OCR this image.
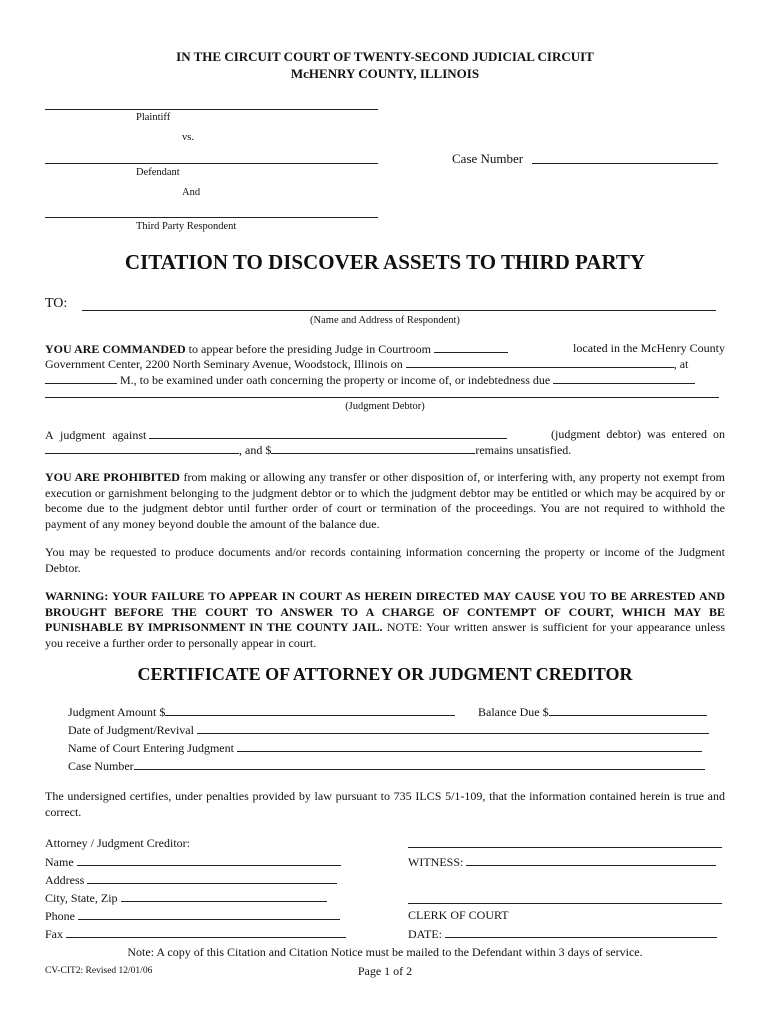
IN THE CIRCUIT COURT OF TWENTY-SECOND JUDICIAL CIRCUIT
McHENRY COUNTY, ILLINOIS
Plaintiff
vs.
Defendant
And
Case Number
Third Party Respondent
CITATION TO DISCOVER ASSETS TO THIRD PARTY
TO:
(Name and Address of Respondent)
YOU ARE COMMANDED to appear before the presiding Judge in Courtroom	located in the McHenry County
Government Center, 2200 North Seminary Avenue, Woodstock, Illinois on	, at
M., to be examined under oath concerning the property or income of, or indebtedness due
(Judgment Debtor)
A judgment against	(judgment debtor) was entered on
, and $	remains unsatisfied.
YOU ARE PROHIBITED from making or allowing any transfer or other disposition of, or interfering with, any property not exempt from execution or garnishment belonging to the judgment debtor or to which the judgment debtor may be entitled or which may be acquired by or become due to the judgment debtor until further order of court or termination of the proceedings. You are not required to withhold the payment of any money beyond double the amount of the balance due.
You may be requested to produce documents and/or records containing information concerning the property or income of the Judgment Debtor.
WARNING: YOUR FAILURE TO APPEAR IN COURT AS HEREIN DIRECTED MAY CAUSE YOU TO BE ARRESTED AND BROUGHT BEFORE THE COURT TO ANSWER TO A CHARGE OF CONTEMPT OF COURT, WHICH MAY BE PUNISHABLE BY IMPRISONMENT IN THE COUNTY JAIL. NOTE: Your written answer is sufficient for your appearance unless you receive a further order to personally appear in court.
CERTIFICATE OF ATTORNEY OR JUDGMENT CREDITOR
Judgment Amount $	Balance Due $
Date of Judgment/Revival
Name of Court Entering Judgment
Case Number
The undersigned certifies, under penalties provided by law pursuant to 735 ILCS 5/1-109, that the information contained herein is true and correct.
Attorney / Judgment Creditor:
Name
Address
City, State, Zip
Phone
Fax
WITNESS:
CLERK OF COURT
DATE:
Note: A copy of this Citation and Citation Notice must be mailed to the Defendant within 3 days of service.
CV-CIT2: Revised 12/01/06	Page 1 of 2
